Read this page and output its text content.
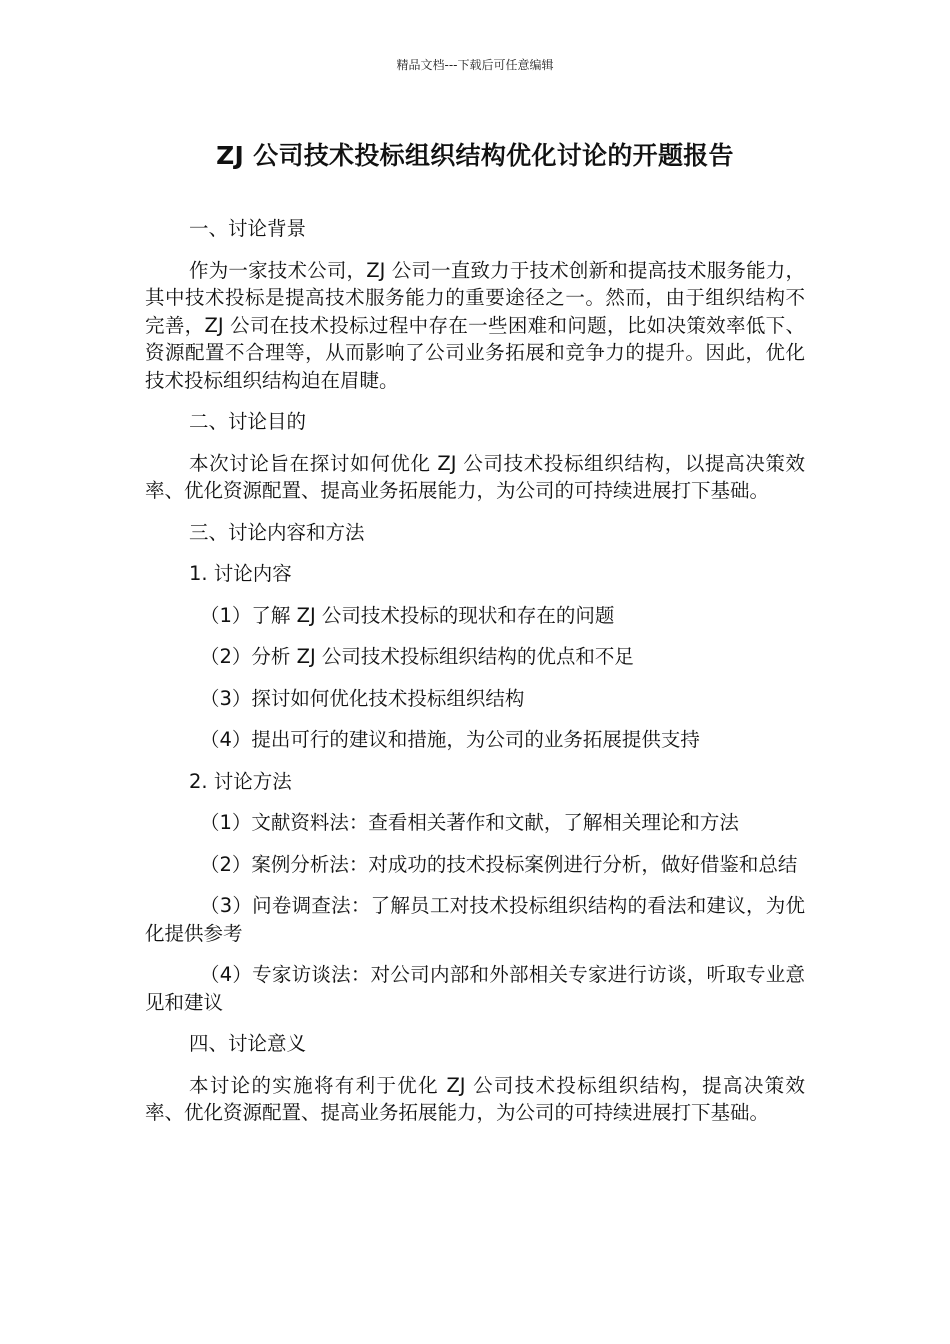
精品文档---下载后可任意编辑
ZJ 公司技术投标组织结构优化讨论的开题报告

一、讨论背景

作为一家技术公司，ZJ 公司一直致力于技术创新和提高技术服务能力，其中技术投标是提高技术服务能力的重要途径之一。然而，由于组织结构不完善，ZJ 公司在技术投标过程中存在一些困难和问题，比如决策效率低下、资源配置不合理等，从而影响了公司业务拓展和竞争力的提升。因此，优化技术投标组织结构迫在眉睫。

二、讨论目的

本次讨论旨在探讨如何优化 ZJ 公司技术投标组织结构，以提高决策效率、优化资源配置、提高业务拓展能力，为公司的可持续进展打下基础。

三、讨论内容和方法

1. 讨论内容

（1）了解 ZJ 公司技术投标的现状和存在的问题

（2）分析 ZJ 公司技术投标组织结构的优点和不足

（3）探讨如何优化技术投标组织结构

（4）提出可行的建议和措施，为公司的业务拓展提供支持

2. 讨论方法

（1）文献资料法：查看相关著作和文献，了解相关理论和方法

（2）案例分析法：对成功的技术投标案例进行分析，做好借鉴和总结

（3）问卷调查法：了解员工对技术投标组织结构的看法和建议，为优化提供参考

（4）专家访谈法：对公司内部和外部相关专家进行访谈，听取专业意见和建议

四、讨论意义

本讨论的实施将有利于优化 ZJ 公司技术投标组织结构，提高决策效率、优化资源配置、提高业务拓展能力，为公司的可持续进展打下基础。
